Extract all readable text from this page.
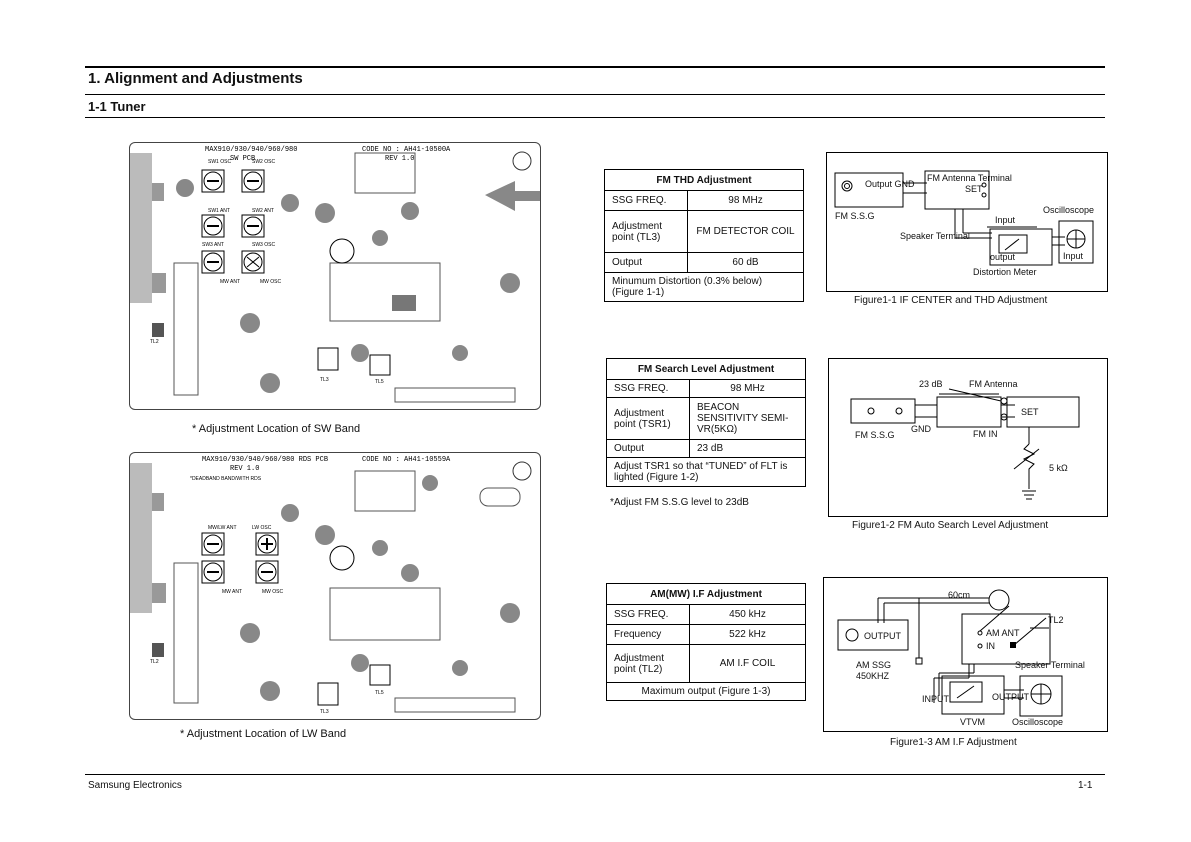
1. Alignment and Adjustments
1-1 Tuner
MAX910/930/940/960/980
SW PCB
CODE NO : AH41-10500A
REV 1.0
SW1 OSC	SW2 OSC
SW1 ANT	SW2 ANT
SW3 ANT	SW3 OSC
MW ANT	MW OSC
TL3	TL5
TL2
* Adjustment Location of SW Band
MAX910/930/940/960/980 RDS PCB
REV 1.0
CODE NO : AH41-10559A
*DEADBAND BAND/WITH RDS
MW/LW ANT	LW OSC
MW ANT	MW OSC
TL3
TL5
TL2
* Adjustment Location of LW Band
FM THD Adjustment	
SSG FREQ.	98 MHz
Adjustment point (TL3)	FM DETECTOR COIL
Output	60 dB
Minumum Distortion (0.3% below) (Figure 1-1)	
FM Search Level Adjustment	
SSG FREQ.	98 MHz
Adjustment point (TSR1)	BEACON SENSITIVITY SEMI-VR(5KΩ)
Output	23 dB
Adjust TSR1 so that “TUNED” of FLT is lighted (Figure 1-2)	
*Adjust FM S.S.G level to 23dB
AM(MW) I.F Adjustment	
SSG FREQ.	450 kHz
Frequency	522 kHz
Adjustment point (TL2)	AM I.F COIL
Maximum output (Figure 1-3)	
Output GND
FM S.S.G
FM Antenna Terminal
SET
Speaker Terminal
Input
output
Distortion Meter
Input
Oscilloscope
Figure1-1 IF CENTER and THD Adjustment
23 dB	FM Antenna
FM S.S.G
GND
SET
FM IN
5 kΩ
Figure1-2 FM Auto Search Level Adjustment
60cm
OUTPUT
AM SSG
450KHZ
AM ANT
IN
TL2
Speaker Terminal
INPUT	OUTPUT
VTVM	Oscilloscope
Figure1-3 AM I.F Adjustment
Samsung Electronics	1-1
